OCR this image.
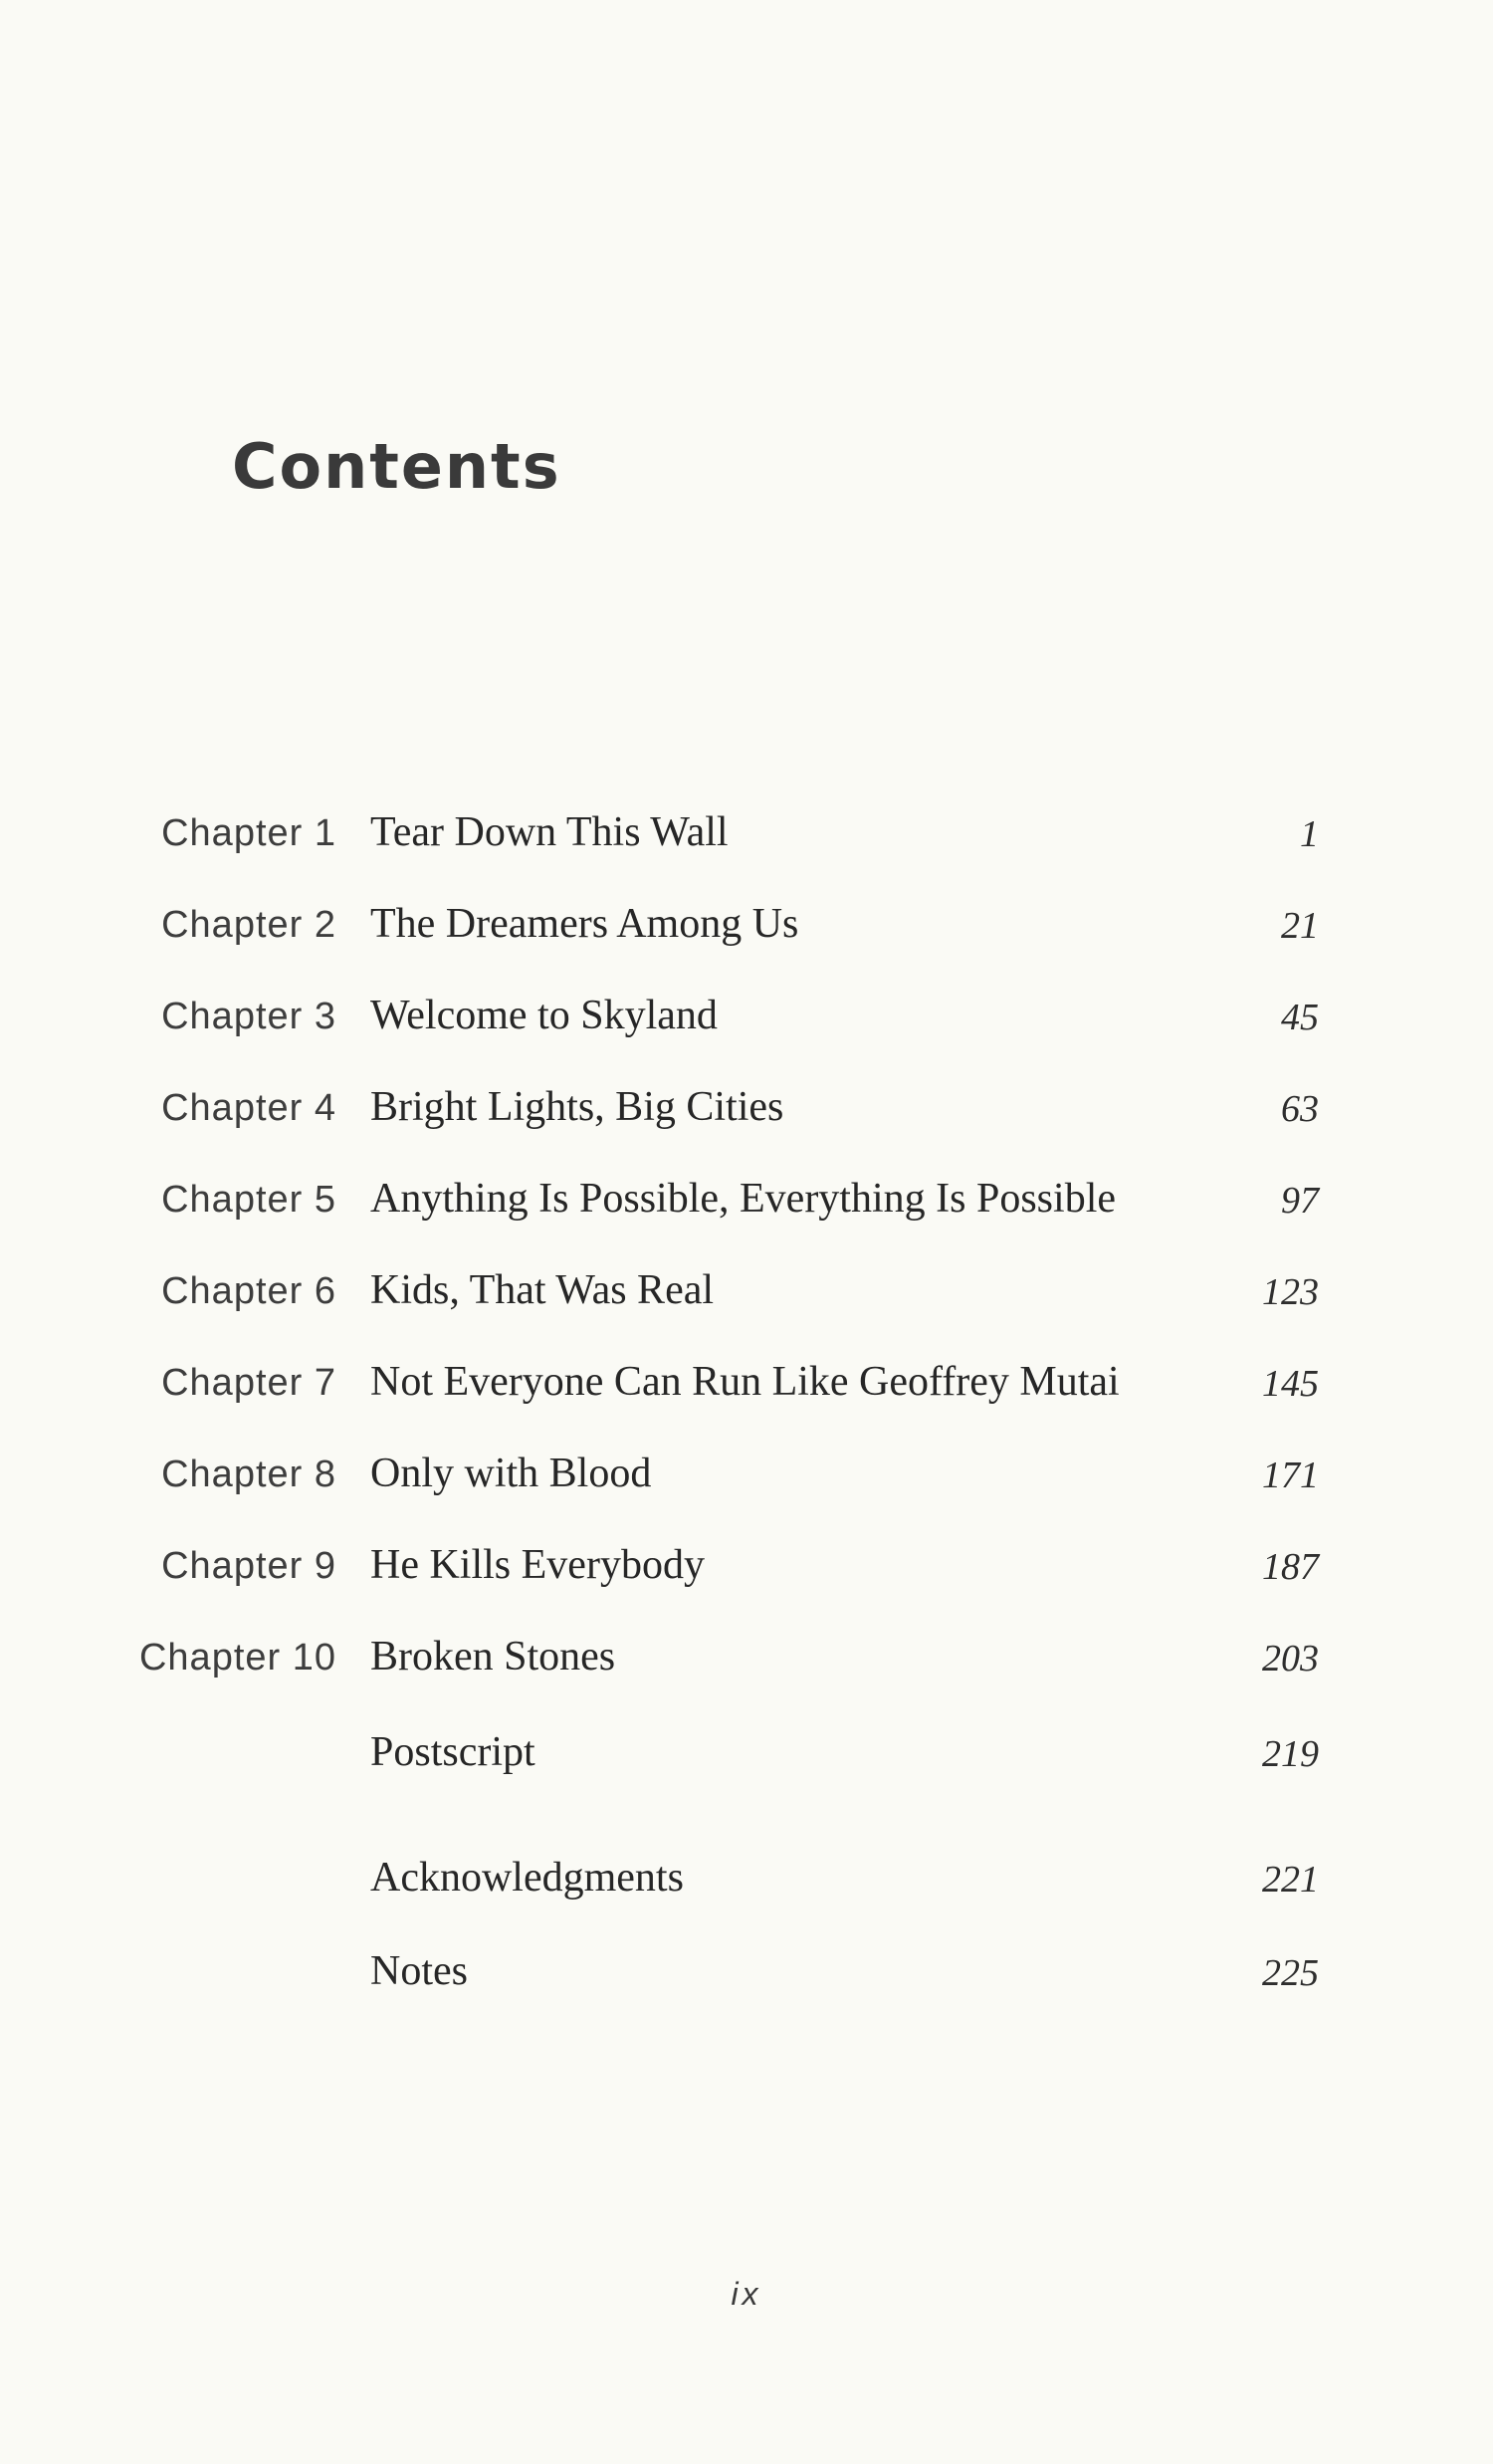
Contents
Chapter 1 Tear Down This Wall	1
Chapter 2 The Dreamers Among Us	21
Chapter 3 Welcome to Skyland	45
Chapter 4 Bright Lights, Big Cities	63
Chapter 5 Anything Is Possible, Everything Is Possible	97
Chapter 6 Kids, That Was Real	123
Chapter 7 Not Everyone Can Run Like Geoffrey Mutai	145
Chapter 8 Only with Blood	171
Chapter 9 He Kills Everybody	187
Chapter 10 Broken Stones	203
Postscript	219
Acknowledgments	221
Notes	225
ix
